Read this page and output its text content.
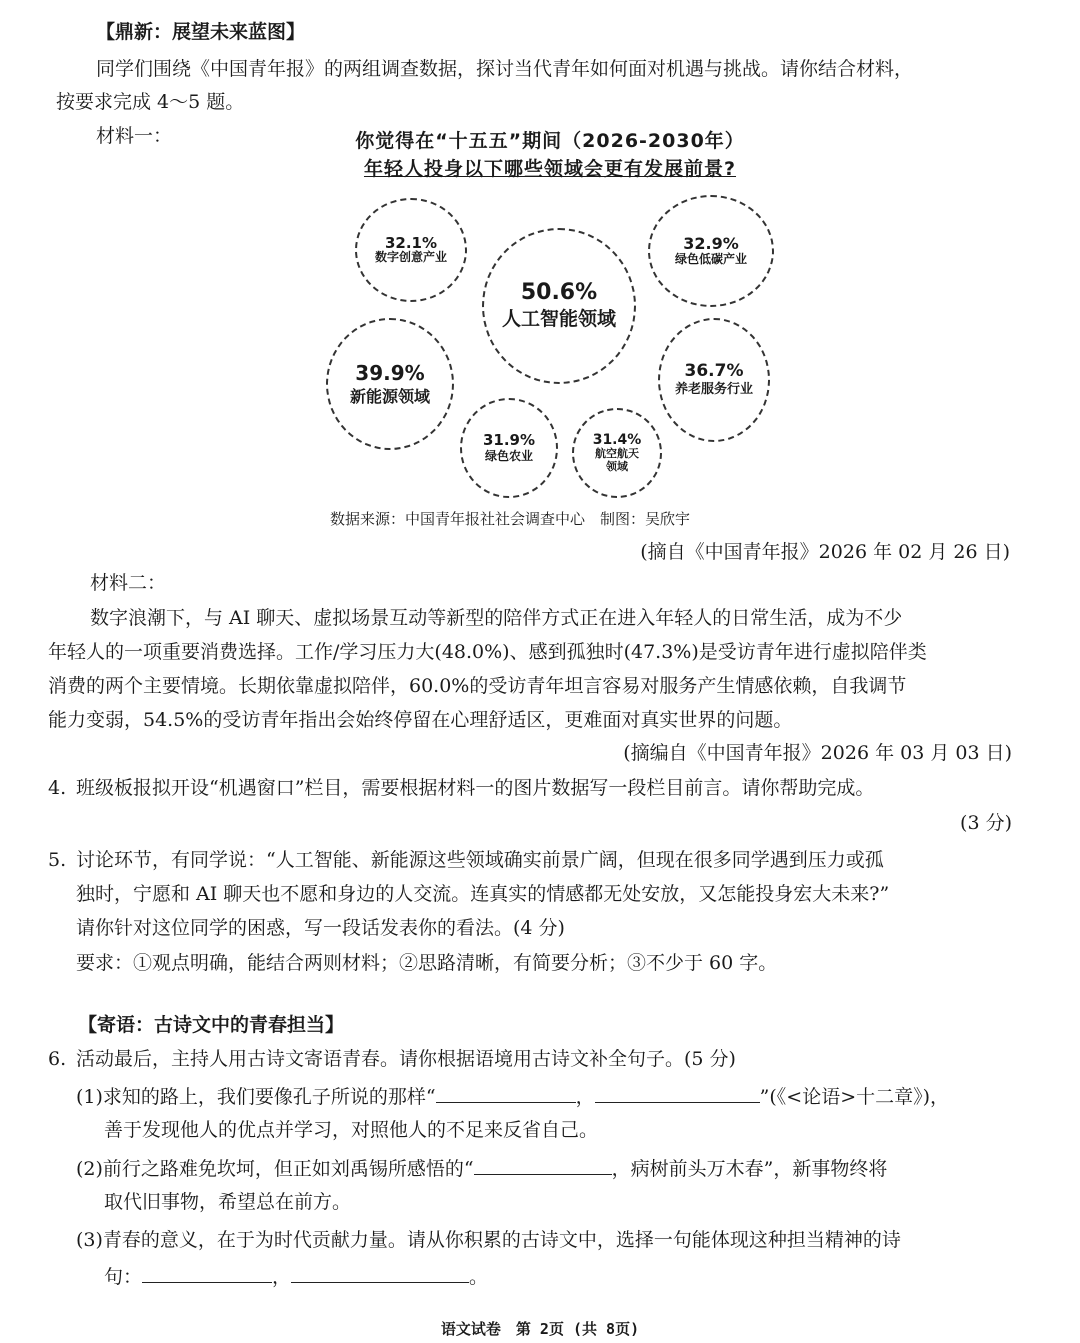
【鼎新：展望未来蓝图】
同学们围绕《中国青年报》的两组调查数据，探讨当代青年如何面对机遇与挑战。请你结合材料，
按要求完成 4～5 题。
材料一：	你觉得在“十五五”期间（2026-2030年）
年轻人投身以下哪些领域会更有发展前景?
32.1%
数字创意产业
32.9%
绿色低碳产业
50.6%
人工智能领域
39.9%
新能源领域
36.7%
养老服务行业
31.9%
绿色农业
31.4%
航空航天
领域
数据来源：中国青年报社社会调查中心　制图：吴欣宇
(摘自《中国青年报》2026 年 02 月 26 日)
材料二：
数字浪潮下，与 AI 聊天、虚拟场景互动等新型的陪伴方式正在进入年轻人的日常生活，成为不少
年轻人的一项重要消费选择。工作/学习压力大(48.0%)、感到孤独时(47.3%)是受访青年进行虚拟陪伴类
消费的两个主要情境。长期依靠虚拟陪伴，60.0%的受访青年坦言容易对服务产生情感依赖，自我调节
能力变弱，54.5%的受访青年指出会始终停留在心理舒适区，更难面对真实世界的问题。
(摘编自《中国青年报》2026 年 03 月 03 日)
4. 班级板报拟开设“机遇窗口”栏目，需要根据材料一的图片数据写一段栏目前言。请你帮助完成。
(3 分)
5. 讨论环节，有同学说：“人工智能、新能源这些领域确实前景广阔，但现在很多同学遇到压力或孤
独时，宁愿和 AI 聊天也不愿和身边的人交流。连真实的情感都无处安放，又怎能投身宏大未来?”
请你针对这位同学的困惑，写一段话发表你的看法。(4 分)
要求：①观点明确，能结合两则材料；②思路清晰，有简要分析；③不少于 60 字。
【寄语：古诗文中的青春担当】
6. 活动最后，主持人用古诗文寄语青春。请你根据语境用古诗文补全句子。(5 分)
(1)求知的路上，我们要像孔子所说的那样“	，	”(《<论语>十二章》)，
善于发现他人的优点并学习，对照他人的不足来反省自己。
(2)前行之路难免坎坷，但正如刘禹锡所感悟的“	，病树前头万木春”，新事物终将
取代旧事物，希望总在前方。
(3)青春的意义，在于为时代贡献力量。请从你积累的古诗文中，选择一句能体现这种担当精神的诗
句：	，	。
语文试卷　第 2页 (共 8页)
